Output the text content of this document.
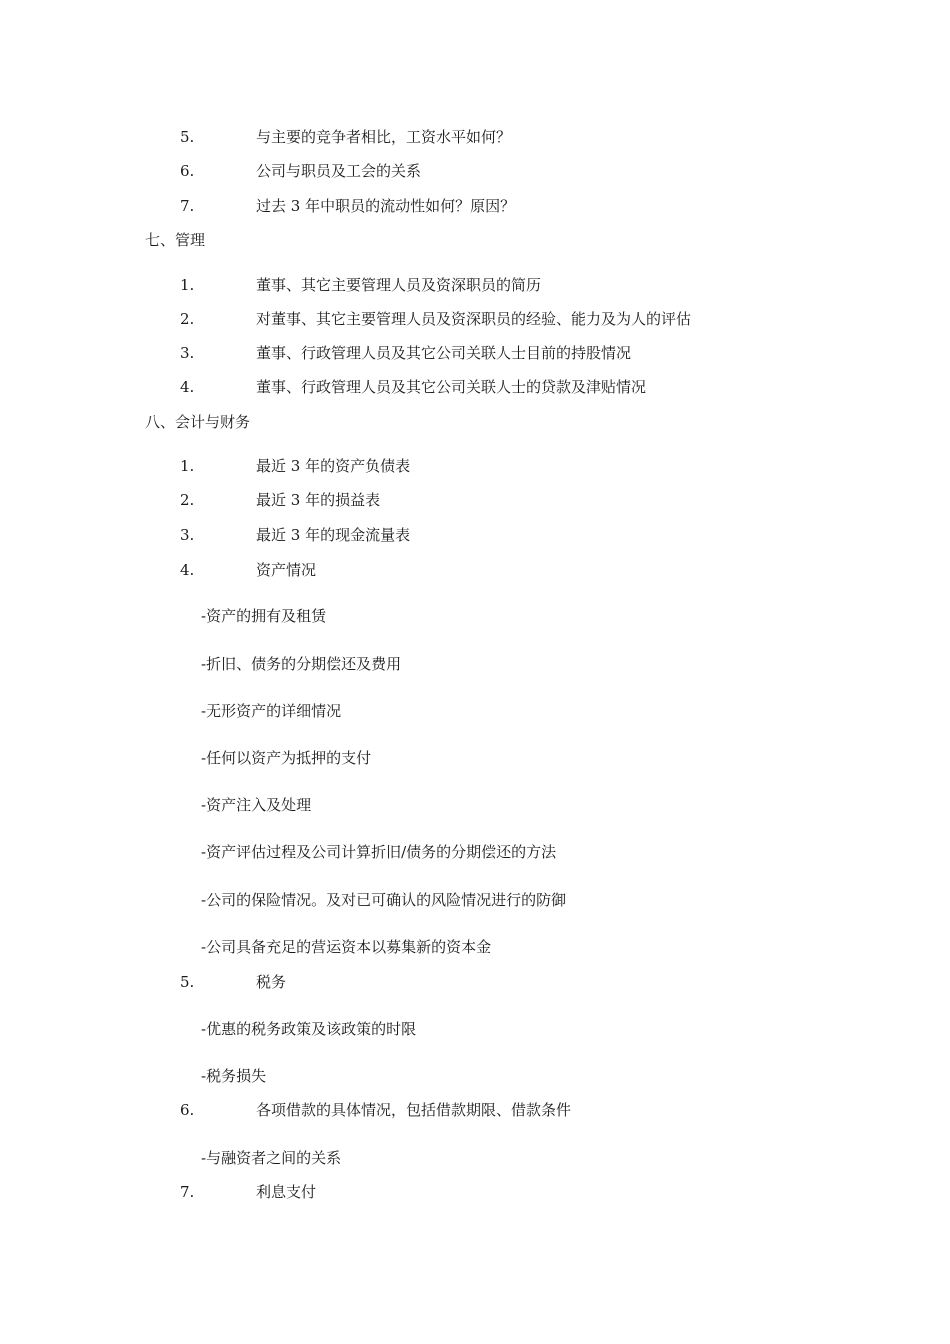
5.	与主要的竞争者相比，工资水平如何？
6.	公司与职员及工会的关系
7.	过去 3 年中职员的流动性如何？原因？
七、管理
1.	董事、其它主要管理人员及资深职员的简历
2.	对董事、其它主要管理人员及资深职员的经验、能力及为人的评估
3.	董事、行政管理人员及其它公司关联人士目前的持股情况
4.	董事、行政管理人员及其它公司关联人士的贷款及津贴情况
八、会计与财务
1.	最近 3 年的资产负债表
2.	最近 3 年的损益表
3.	最近 3 年的现金流量表
4.	资产情况
-资产的拥有及租赁
-折旧、债务的分期偿还及费用
-无形资产的详细情况
-任何以资产为抵押的支付
-资产注入及处理
-资产评估过程及公司计算折旧/债务的分期偿还的方法
-公司的保险情况。及对已可确认的风险情况进行的防御
-公司具备充足的营运资本以募集新的资本金
5.	税务
-优惠的税务政策及该政策的时限
-税务损失
6.	各项借款的具体情况，包括借款期限、借款条件
-与融资者之间的关系
7.	利息支付
